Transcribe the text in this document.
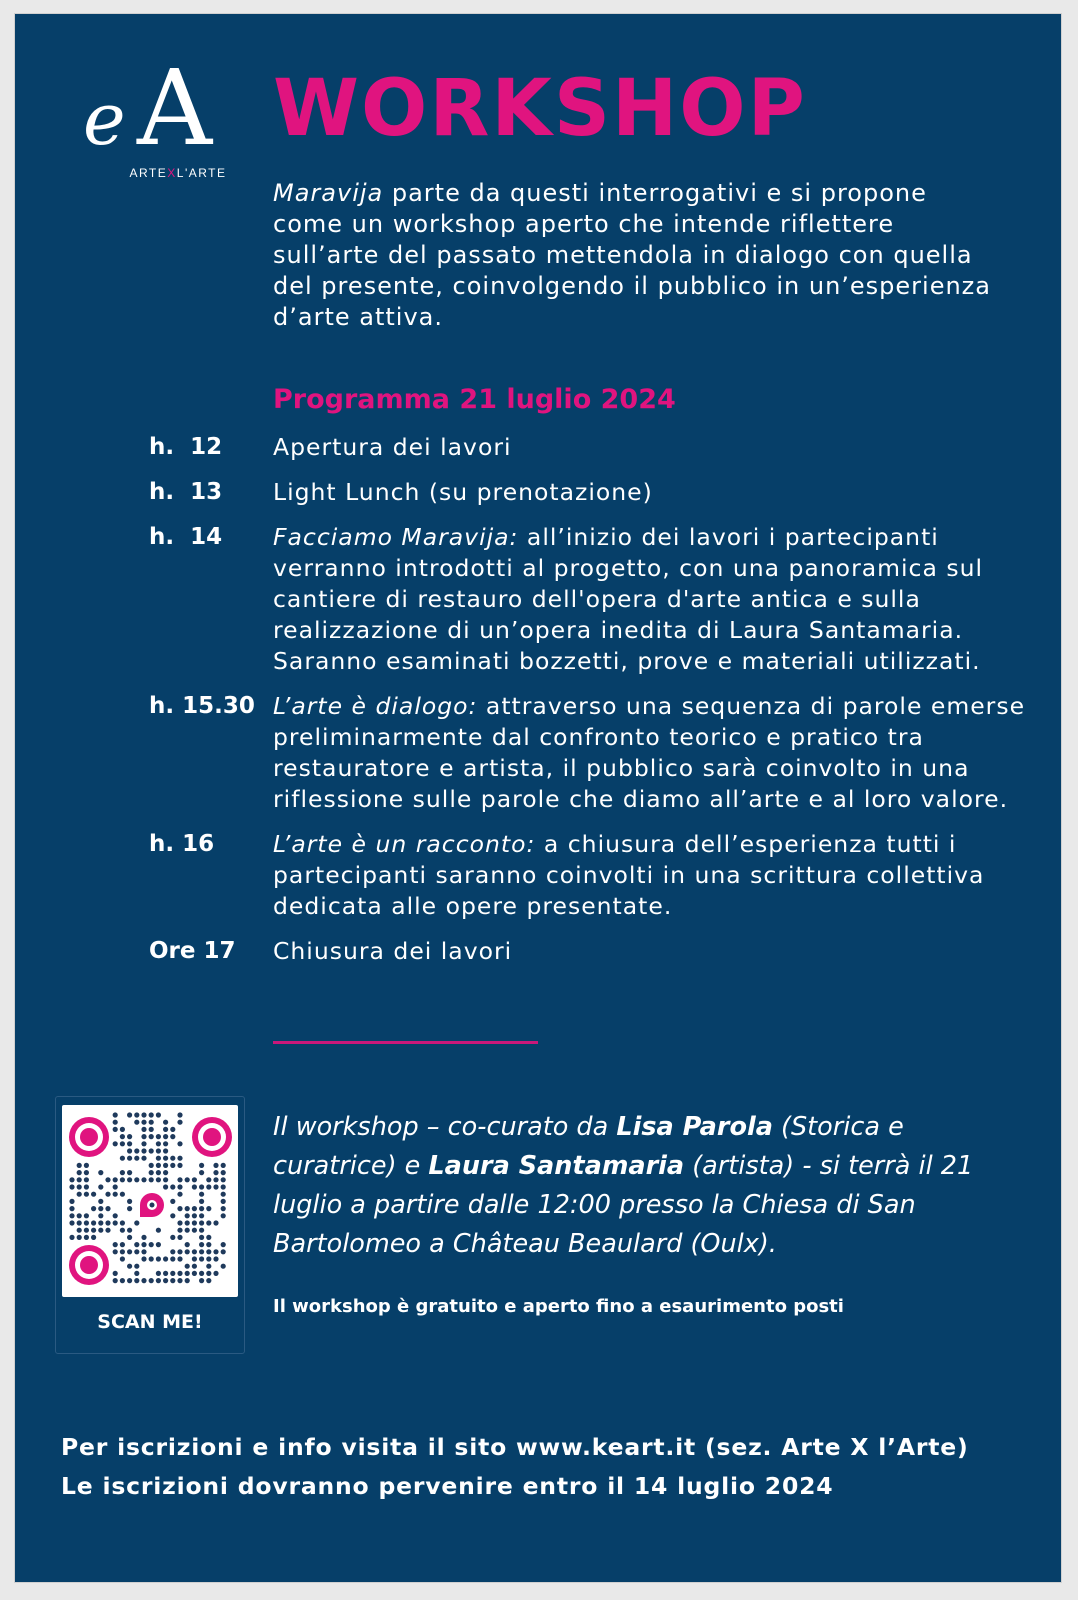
e A
ARTEXL'ARTE
WORKSHOP
Maravija parte da questi interrogativi e si propone come un workshop aperto che intende riflettere sull’arte del passato mettendola in dialogo con quella del presente, coinvolgendo il pubblico in un’esperienza d’arte attiva.
Programma 21 luglio 2024
h.  12	Apertura dei lavori
h.  13	Light Lunch (su prenotazione)
h.  14	Facciamo Maravija: all’inizio dei lavori i partecipanti verranno introdotti al progetto, con una panoramica sul cantiere di restauro dell'opera d'arte antica e sulla realizzazione di un’opera inedita di Laura Santamaria. Saranno esaminati bozzetti, prove e materiali utilizzati.
h. 15.30 L’arte è dialogo: attraverso una sequenza di parole emerse preliminarmente dal confronto teorico e pratico tra restauratore e artista, il pubblico sarà coinvolto in una riflessione sulle parole che diamo all’arte e al loro valore.
h. 16	L’arte è un racconto: a chiusura dell’esperienza tutti i partecipanti saranno coinvolti in una scrittura collettiva dedicata alle opere presentate.
Ore 17	Chiusura dei lavori
SCAN ME!
Il workshop – co-curato da Lisa Parola (Storica e curatrice) e Laura Santamaria (artista) - si terrà il 21 luglio a partire dalle 12:00 presso la Chiesa di San Bartolomeo a Château Beaulard (Oulx).
Il workshop è gratuito e aperto fino a esaurimento posti
Per iscrizioni e info visita il sito www.keart.it (sez. Arte X l’Arte)
Le iscrizioni dovranno pervenire entro il 14 luglio 2024
